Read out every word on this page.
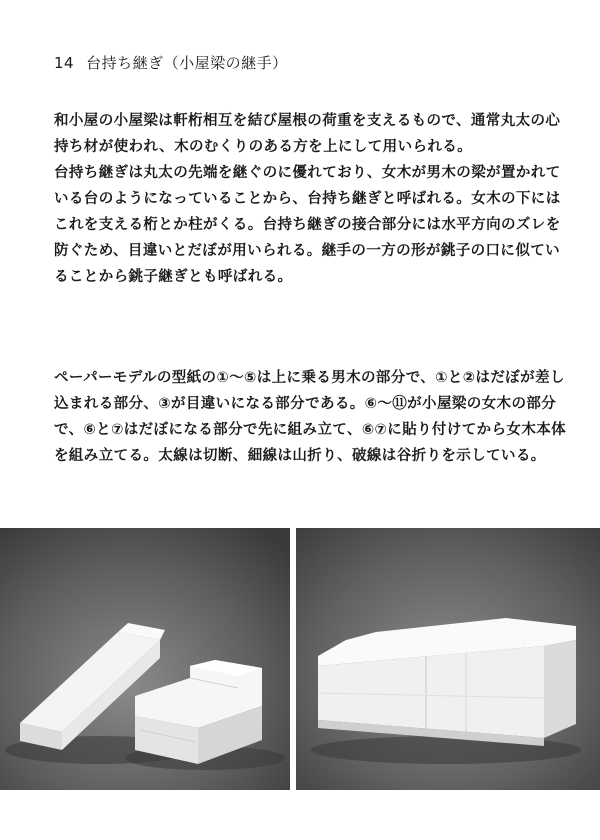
14 台持ち継ぎ（小屋梁の継手）
和小屋の小屋梁は軒桁相互を結び屋根の荷重を支えるもので、通常丸太の心持ち材が使われ、木のむくりのある方を上にして用いられる。
台持ち継ぎは丸太の先端を継ぐのに優れており、女木が男木の梁が置かれている台のようになっていることから、台持ち継ぎと呼ばれる。女木の下にはこれを支える桁とか柱がくる。台持ち継ぎの接合部分には水平方向のズレを防ぐため、目違いとだぼが用いられる。継手の一方の形が銚子の口に似ていることから銚子継ぎとも呼ばれる。
ペーパーモデルの型紙の①〜⑤は上に乗る男木の部分で、①と②はだぼが差し込まれる部分、③が目違いになる部分である。⑥〜⑪が小屋梁の女木の部分で、⑥と⑦はだぼになる部分で先に組み立て、⑥⑦に貼り付けてから女木本体を組み立てる。太線は切断、細線は山折り、破線は谷折りを示している。
